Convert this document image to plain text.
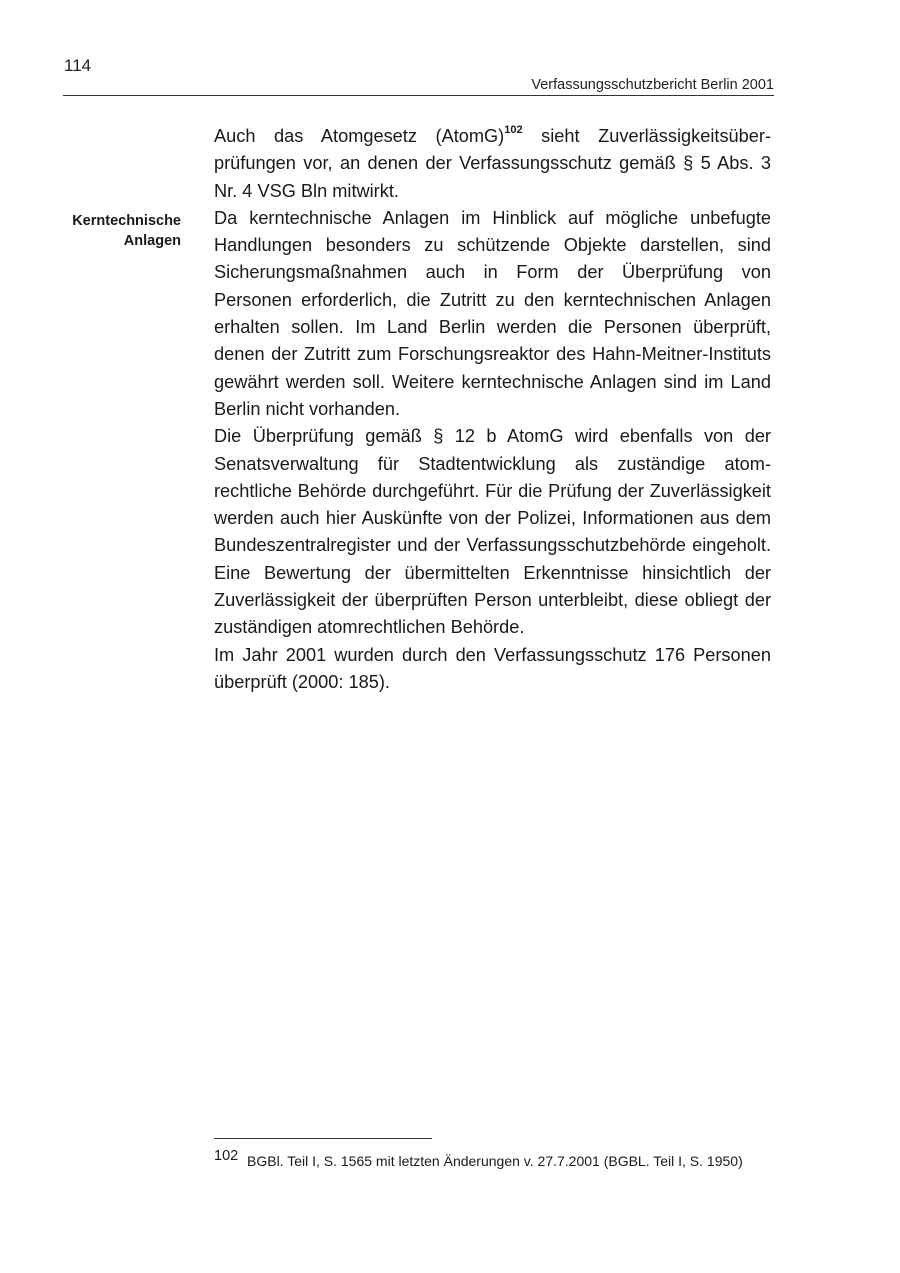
114
Verfassungsschutzbericht Berlin 2001
Kerntechnische
Anlagen

Auch das Atomgesetz (AtomG)$^{102}$ sieht Zuverlässigkeitsüberprüfungen vor, an denen der Verfassungsschutz gemäß § 5 Abs. 3 Nr. 4 VSG Bln mitwirkt.

Da kerntechnische Anlagen im Hinblick auf mögliche unbefugte Handlungen besonders zu schützende Objekte darstellen, sind Sicherungsmaßnahmen auch in Form der Überprüfung von Personen erforderlich, die Zutritt zu den kerntechnischen Anlagen erhalten sollen. Im Land Berlin werden die Personen überprüft, denen der Zutritt zum Forschungsreaktor des Hahn-Meitner-Instituts gewährt werden soll. Weitere kerntechnische Anlagen sind im Land Berlin nicht vorhanden.

Die Überprüfung gemäß § 12 b AtomG wird ebenfalls von der Senatsverwaltung für Stadtentwicklung als zuständige atomrechtliche Behörde durchgeführt. Für die Prüfung der Zuverlässigkeit werden auch hier Auskünfte von der Polizei, Informationen aus dem Bundeszentralregister und der Verfassungsschutzbehörde eingeholt. Eine Bewertung der übermittelten Erkenntnisse hinsichtlich der Zuverlässigkeit der überprüften Person unterbleibt, diese obliegt der zuständigen atomrechtlichen Behörde.

Im Jahr 2001 wurden durch den Verfassungsschutz 176 Personen überprüft (2000: 185).

102 BGBl. Teil I, S. 1565 mit letzten Änderungen v. 27.7.2001 (BGBL. Teil I, S. 1950)
